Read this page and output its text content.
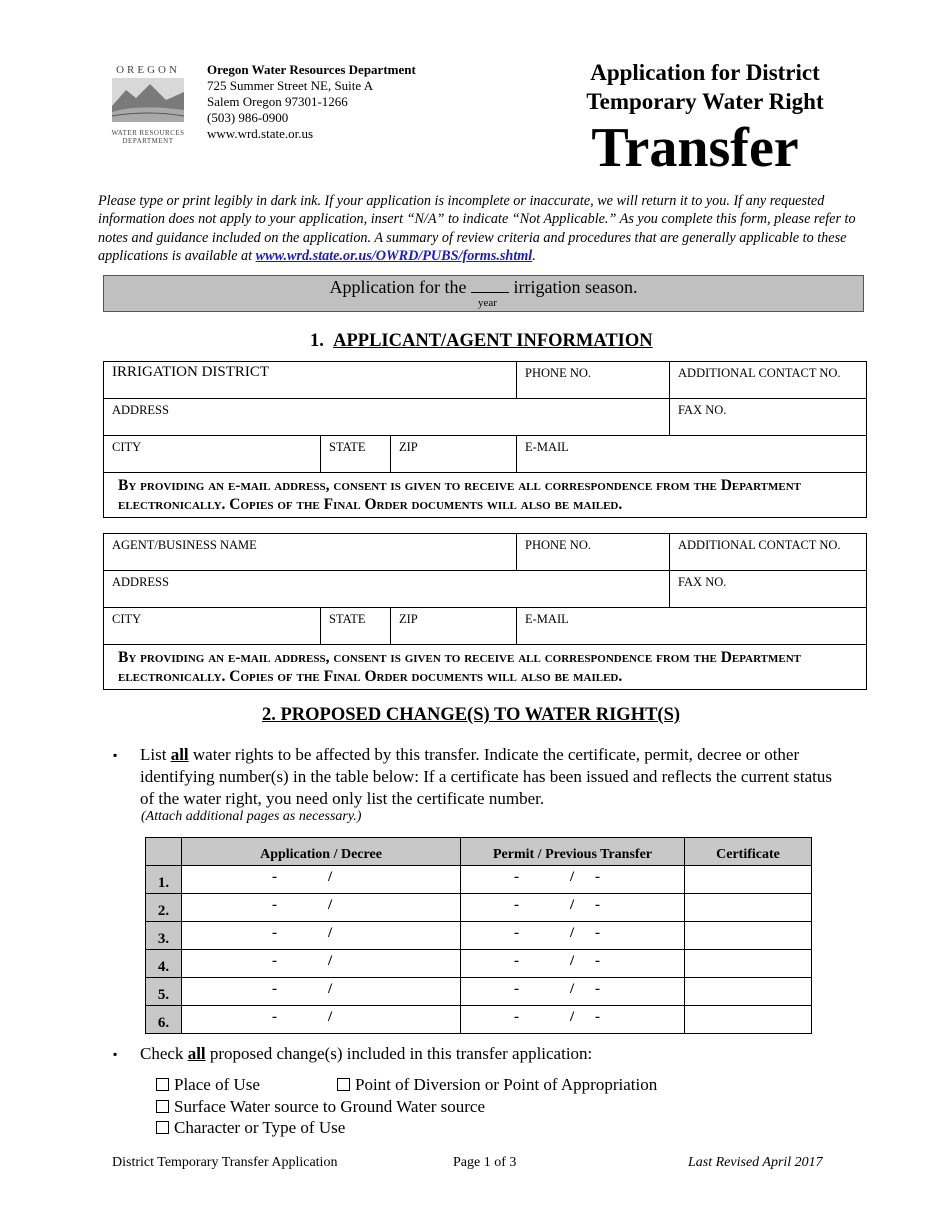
OREGON
WATER RESOURCES
DEPARTMENT
Oregon Water Resources Department
725 Summer Street NE, Suite A
Salem Oregon 97301-1266
(503) 986-0900
www.wrd.state.or.us
Application for District
Temporary Water Right
Transfer
Please type or print legibly in dark ink. If your application is incomplete or inaccurate, we will return it to you. If any requested information does not apply to your application, insert “N/A” to indicate “Not Applicable.” As you complete this form, please refer to notes and guidance included on the application. A summary of review criteria and procedures that are generally applicable to these applications is available at www.wrd.state.or.us/OWRD/PUBS/forms.shtml.
Application for the  irrigation season.
year
1. APPLICANT/AGENT INFORMATION
IRRIGATION DISTRICT			PHONE NO.	ADDITIONAL CONTACT NO.
ADDRESS				FAX NO.
CITY	STATE	ZIP	E-MAIL	
By providing an e-mail address, consent is given to receive all correspondence from the Department electronically. Copies of the Final Order documents will also be mailed.				
AGENT/BUSINESS NAME			PHONE NO.	ADDITIONAL CONTACT NO.
ADDRESS				FAX NO.
CITY	STATE	ZIP	E-MAIL	
By providing an e-mail address, consent is given to receive all correspondence from the Department electronically. Copies of the Final Order documents will also be mailed.				
2. PROPOSED CHANGE(S) TO WATER RIGHT(S)
▪ List all water rights to be affected by this transfer. Indicate the certificate, permit, decree or other identifying number(s) in the table below: If a certificate has been issued and reflects the current status of the water right, you need only list the certificate number.
(Attach additional pages as necessary.)
	Application / Decree	Permit / Previous Transfer	Certificate
1.	- /	- / -	

2.	- /	- / -	

3.	- /	- / -	

4.	- /	- / -	

5.	- /	- / -	

6.	- /	- / -	

▪ Check all proposed change(s) included in this transfer application:
Place of Use	Point of Diversion or Point of Appropriation
Surface Water source to Ground Water source
Character or Type of Use
District Temporary Transfer Application	Page 1 of 3	Last Revised April 2017
